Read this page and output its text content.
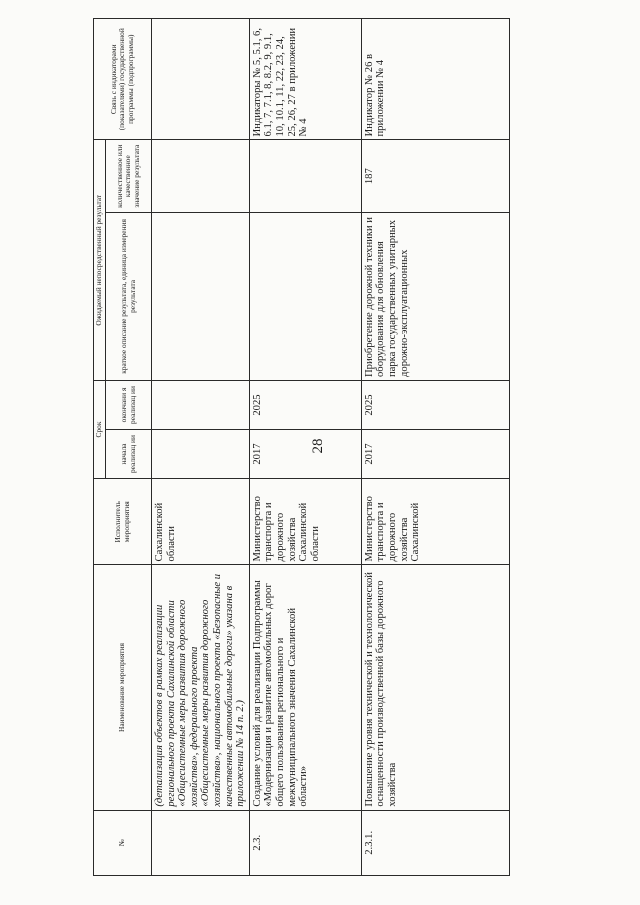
28
№	Наименование мероприятия	Исполнитель мероприятия	Срок		Ожидаемый непосредственный результат		Связь с индикаторами (показателями) государственной программы (подпрограммы)
			начала реализац ии	окончани я реализац ии	краткое описание результата, единица измерения результата	количественное или качественное значение результата	
	(детализация объектов в рамках реализации регионального проекта Сахалинской области «Общесистемные меры развития дорожного хозяйства», федерального проекта «Общесистемные меры развития дорожного хозяйства», национального проекта «Безопасные и качественные автомобильные дороги» указана в приложении № 14 п. 2.)	Сахалинской области					
2.3.	Создание условий для реализации Подпрограммы «Модернизация и развитие автомобильных дорог общего пользования регионального и межмуниципального значения Сахалинской области»	Министерство транспорта и дорожного хозяйства Сахалинской области	2017	2025			Индикаторы № 5, 5.1, 6, 6.1, 7, 7.1, 8, 8.2, 9, 9.1, 10, 10.1, 11, 22, 23, 24, 25, 26, 27 в приложении № 4
2.3.1.	Повышение уровня технической и технологической оснащенности производственной базы дорожного хозяйства	Министерство транспорта и дорожного хозяйства Сахалинской	2017	2025	Приобретение дорожной техники и оборудования для обновления парка государственных унитарных дорожно-эксплуатационных	187	Индикатор № 26 в приложении № 4
